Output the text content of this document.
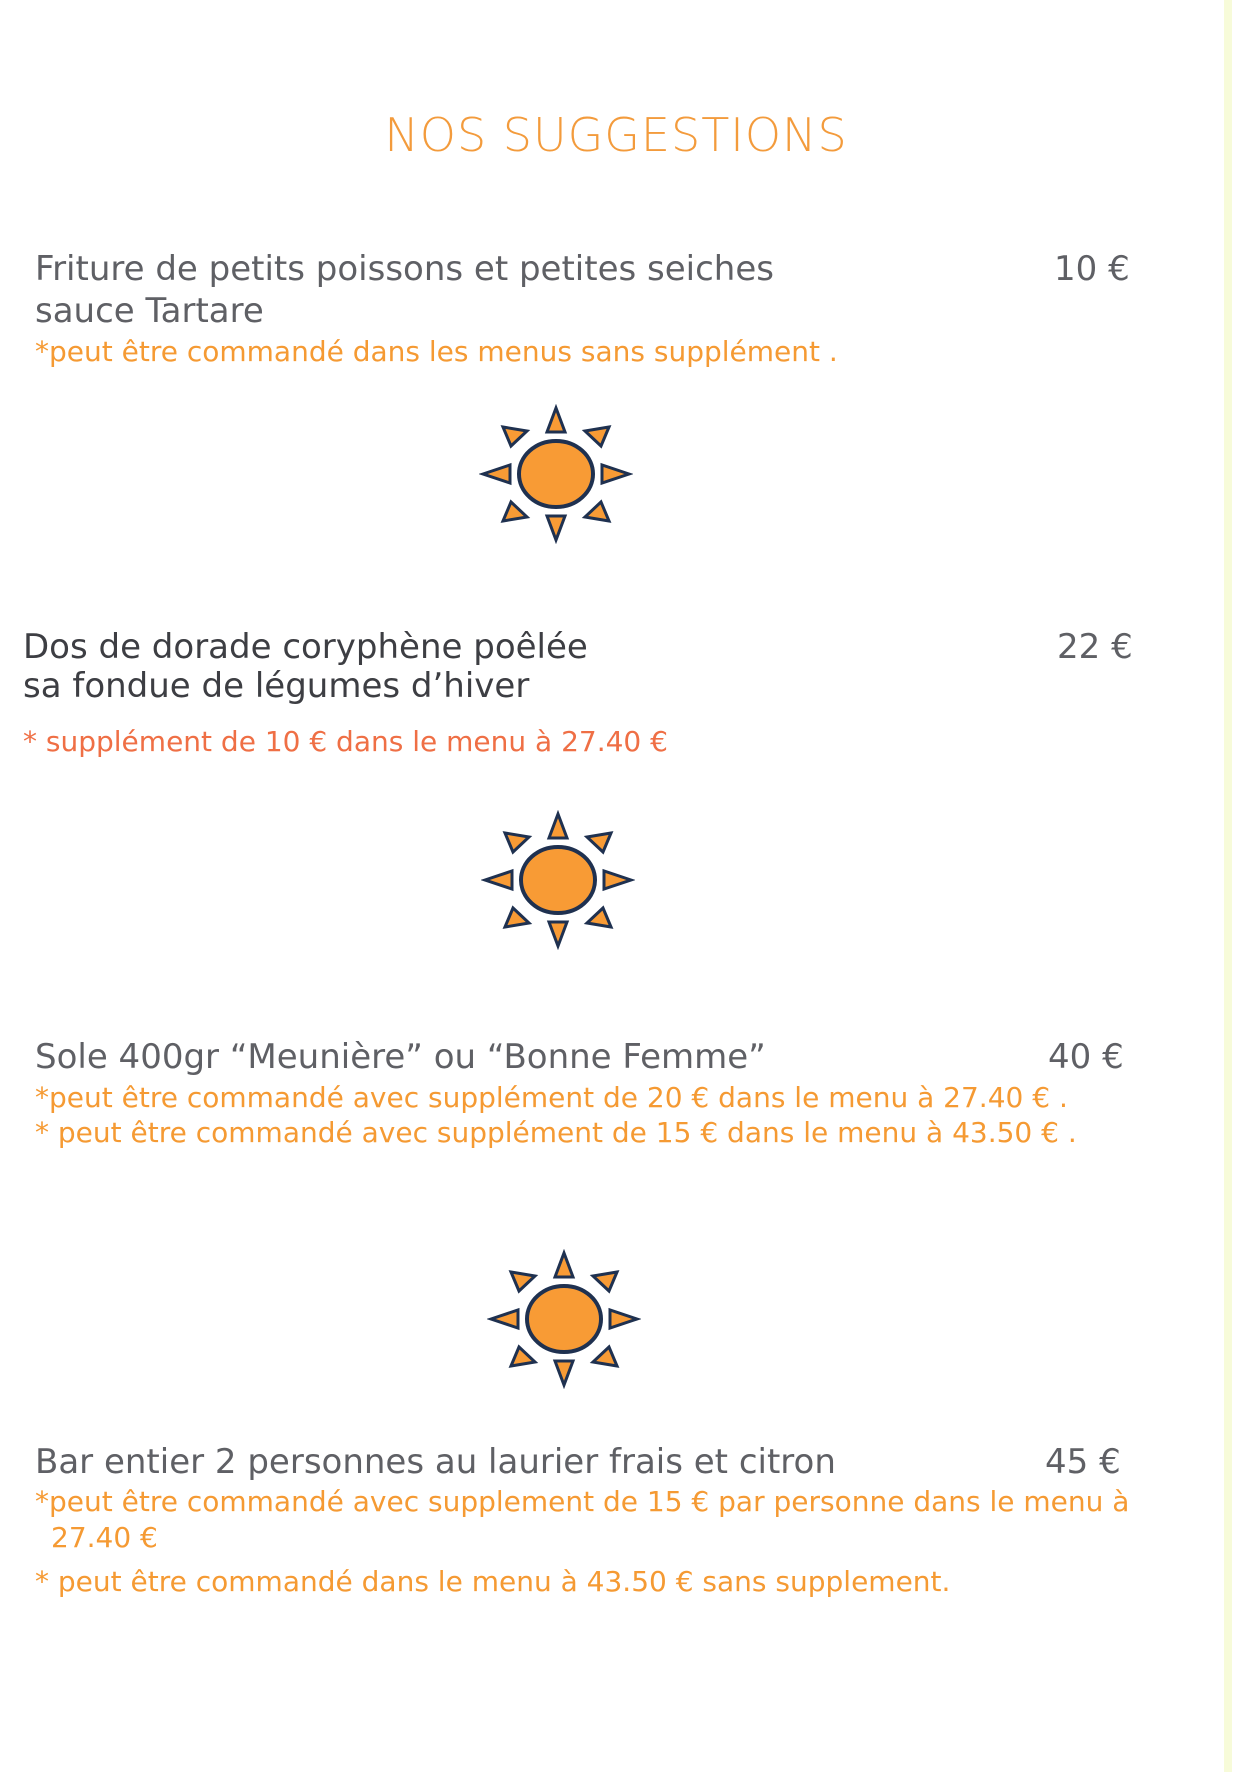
NOS SUGGESTIONS
Friture de petits poissons et petites seiches
sauce Tartare
10 €
*peut être commandé dans les menus sans supplément .
Dos de dorade coryphène poêlée
sa fondue de légumes d’hiver
22 €
* supplément de 10 € dans le menu à 27.40 €
Sole 400gr “Meunière” ou “Bonne Femme”	40 €
*peut être commandé avec supplément de 20 € dans le menu à 27.40 € .
* peut être commandé avec supplément de 15 € dans le menu à 43.50 € .
Bar entier 2 personnes au laurier frais et citron	45 €
*peut être commandé avec supplement de 15 € par personne dans le menu à
27.40 €
* peut être commandé dans le menu à 43.50 € sans supplement.
